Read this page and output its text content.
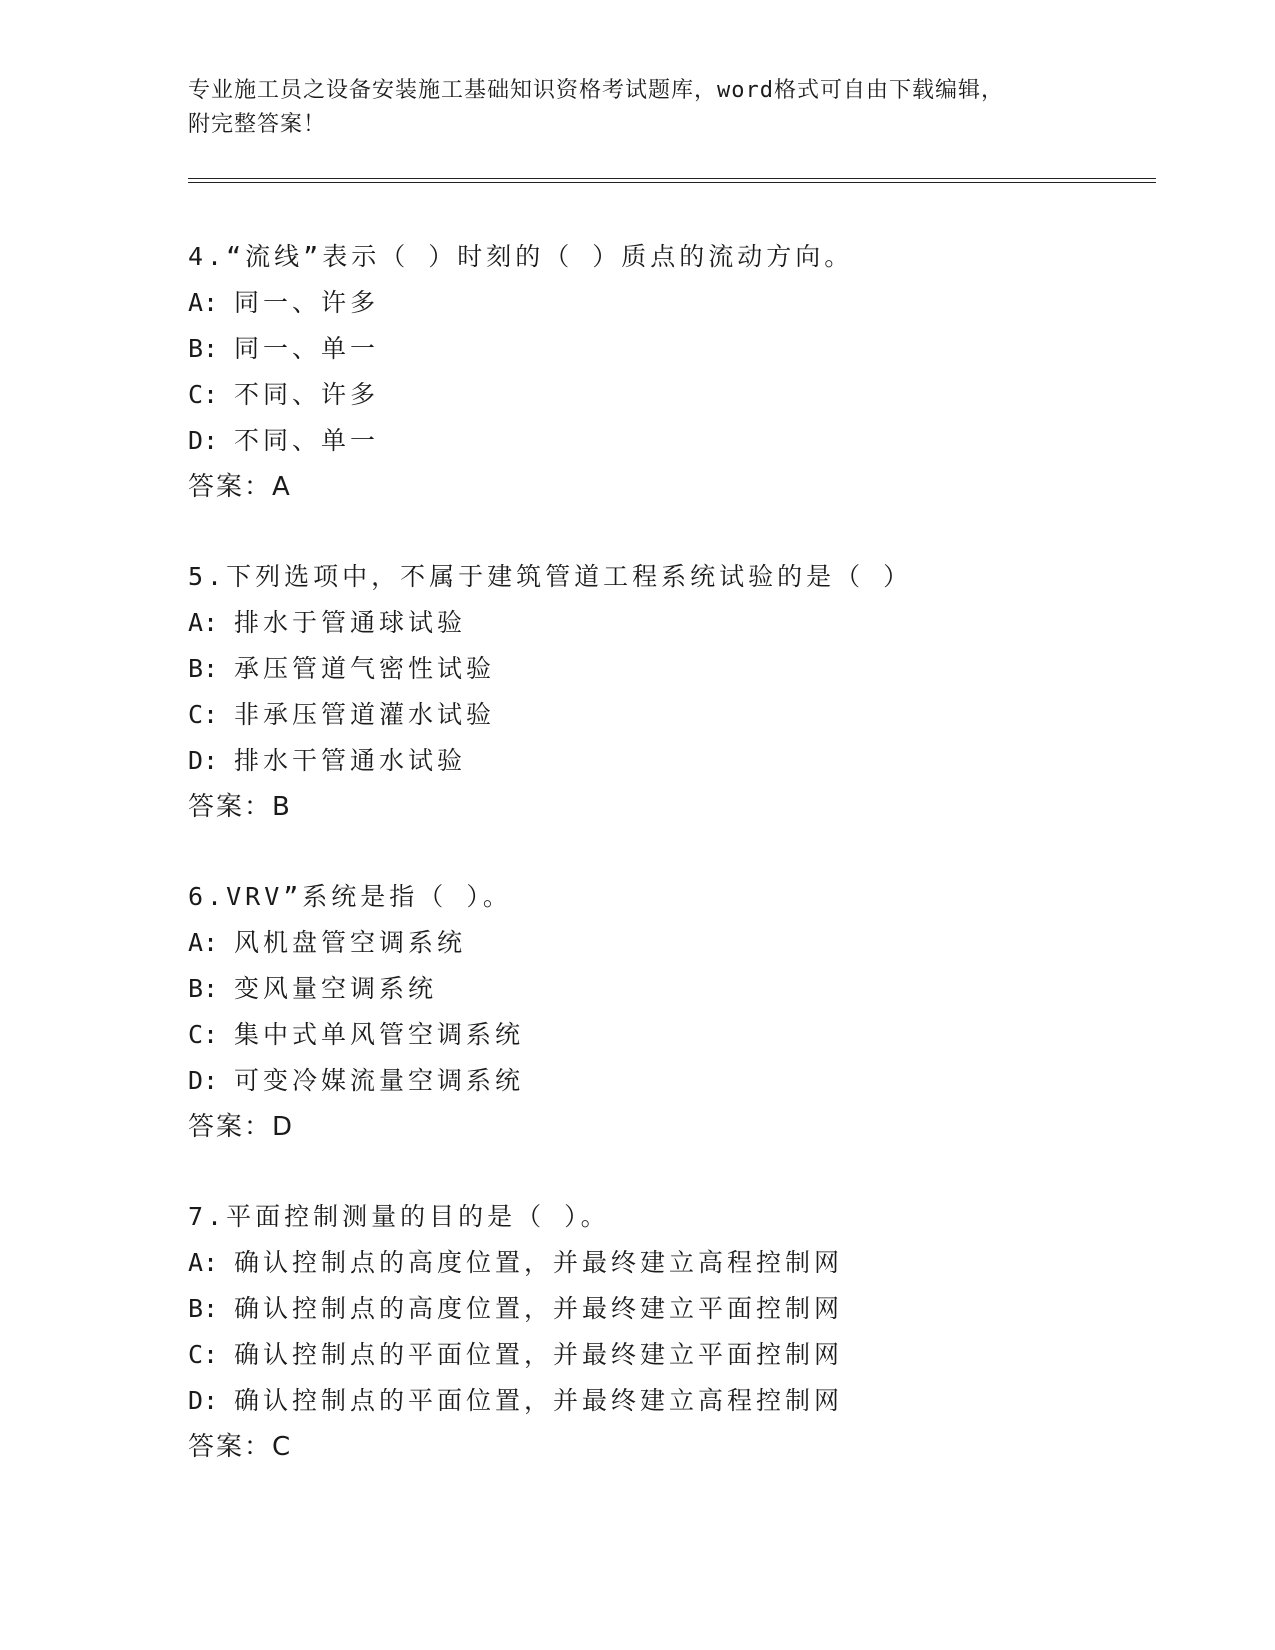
专业施工员之设备安装施工基础知识资格考试题库，word格式可自由下载编辑，
附完整答案！
4.“流线”表示（ ）时刻的（ ）质点的流动方向。
A: 同一、许多
B: 同一、单一
C: 不同、许多
D: 不同、单一
答案：A
5.下列选项中，不属于建筑管道工程系统试验的是（ ）
A: 排水于管通球试验
B: 承压管道气密性试验
C: 非承压管道灌水试验
D: 排水干管通水试验
答案：B
6.VRV”系统是指（ ）。
A: 风机盘管空调系统
B: 变风量空调系统
C: 集中式单风管空调系统
D: 可变冷媒流量空调系统
答案：D
7.平面控制测量的目的是（ ）。
A: 确认控制点的高度位置，并最终建立高程控制网
B: 确认控制点的高度位置，并最终建立平面控制网
C: 确认控制点的平面位置，并最终建立平面控制网
D: 确认控制点的平面位置，并最终建立高程控制网
答案：C
